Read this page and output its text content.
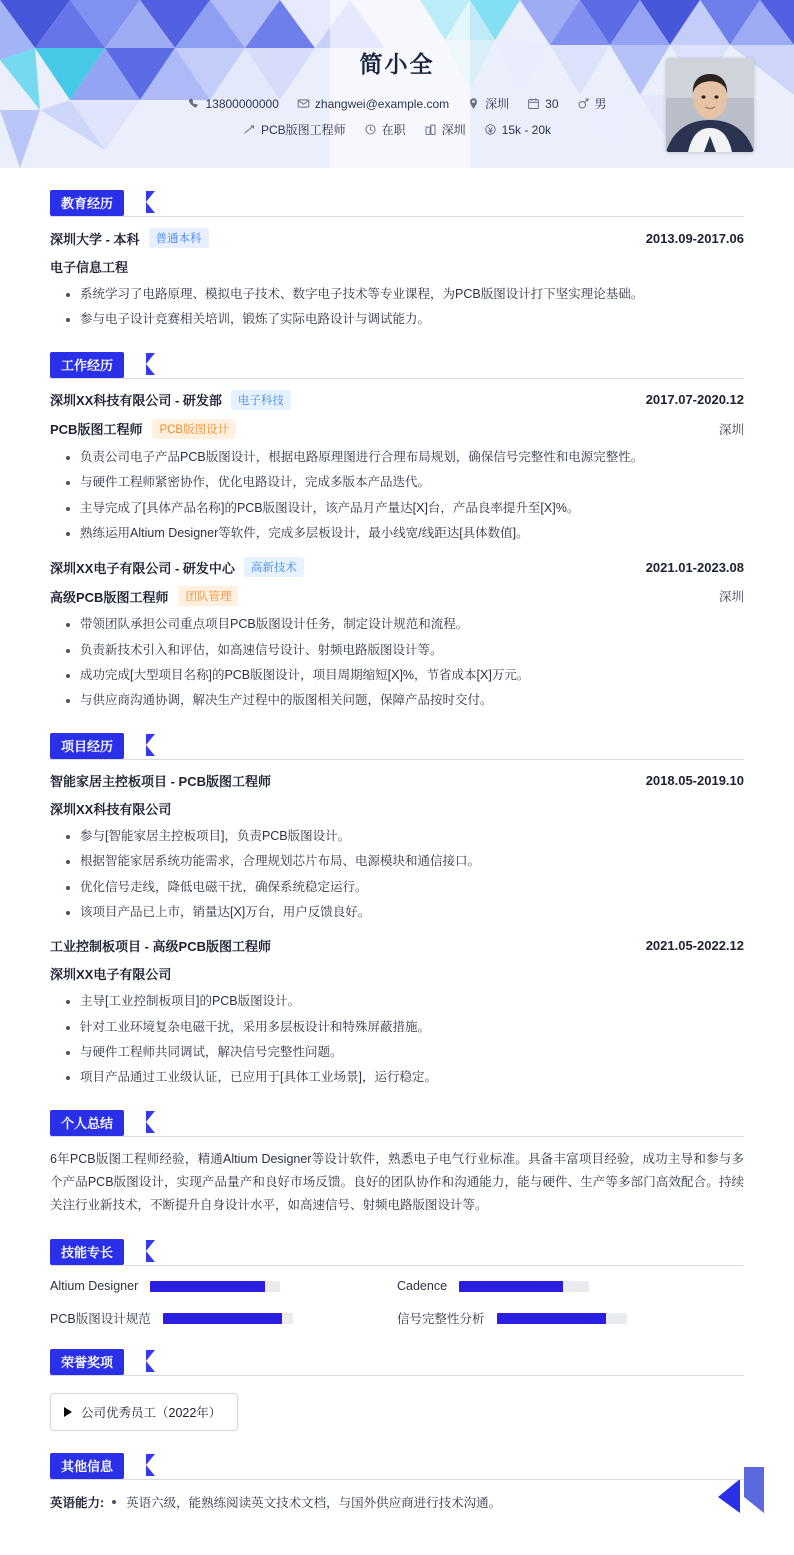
简小全
13800000000	zhangwei@example.com	深圳	30	男
PCB版图工程师	在职	深圳	15k - 20k
教育经历
深圳大学 - 本科	普通本科	2013.09-2017.06
电子信息工程
系统学习了电路原理、模拟电子技术、数字电子技术等专业课程，为PCB版图设计打下坚实理论基础。
参与电子设计竞赛相关培训，锻炼了实际电路设计与调试能力。
工作经历
深圳XX科技有限公司 - 研发部	电子科技	2017.07-2020.12
PCB版图工程师	PCB版图设计	深圳
负责公司电子产品PCB版图设计，根据电路原理图进行合理布局规划，确保信号完整性和电源完整性。
与硬件工程师紧密协作，优化电路设计，完成多版本产品迭代。
主导完成了[具体产品名称]的PCB版图设计，该产品月产量达[X]台，产品良率提升至[X]%。
熟练运用Altium Designer等软件，完成多层板设计，最小线宽/线距达[具体数值]。
深圳XX电子有限公司 - 研发中心	高新技术	2021.01-2023.08
高级PCB版图工程师	团队管理	深圳
带领团队承担公司重点项目PCB版图设计任务，制定设计规范和流程。
负责新技术引入和评估，如高速信号设计、射频电路版图设计等。
成功完成[大型项目名称]的PCB版图设计，项目周期缩短[X]%，节省成本[X]万元。
与供应商沟通协调，解决生产过程中的版图相关问题，保障产品按时交付。
项目经历
智能家居主控板项目 - PCB版图工程师	2018.05-2019.10
深圳XX科技有限公司
参与[智能家居主控板项目]，负责PCB版图设计。
根据智能家居系统功能需求，合理规划芯片布局、电源模块和通信接口。
优化信号走线，降低电磁干扰，确保系统稳定运行。
该项目产品已上市，销量达[X]万台，用户反馈良好。
工业控制板项目 - 高级PCB版图工程师	2021.05-2022.12
深圳XX电子有限公司
主导[工业控制板项目]的PCB版图设计。
针对工业环境复杂电磁干扰，采用多层板设计和特殊屏蔽措施。
与硬件工程师共同调试，解决信号完整性问题。
项目产品通过工业级认证，已应用于[具体工业场景]，运行稳定。
个人总结
6年PCB版图工程师经验，精通Altium Designer等设计软件，熟悉电子电气行业标准。具备丰富项目经验，成功主导和参与多个产品PCB版图设计，实现产品量产和良好市场反馈。良好的团队协作和沟通能力，能与硬件、生产等多部门高效配合。持续关注行业新技术，不断提升自身设计水平，如高速信号、射频电路版图设计等。
技能专长
Altium Designer	Cadence
PCB版图设计规范	信号完整性分析
荣誉奖项
公司优秀员工（2022年）
其他信息
英语能力: 英语六级，能熟练阅读英文技术文档，与国外供应商进行技术沟通。
